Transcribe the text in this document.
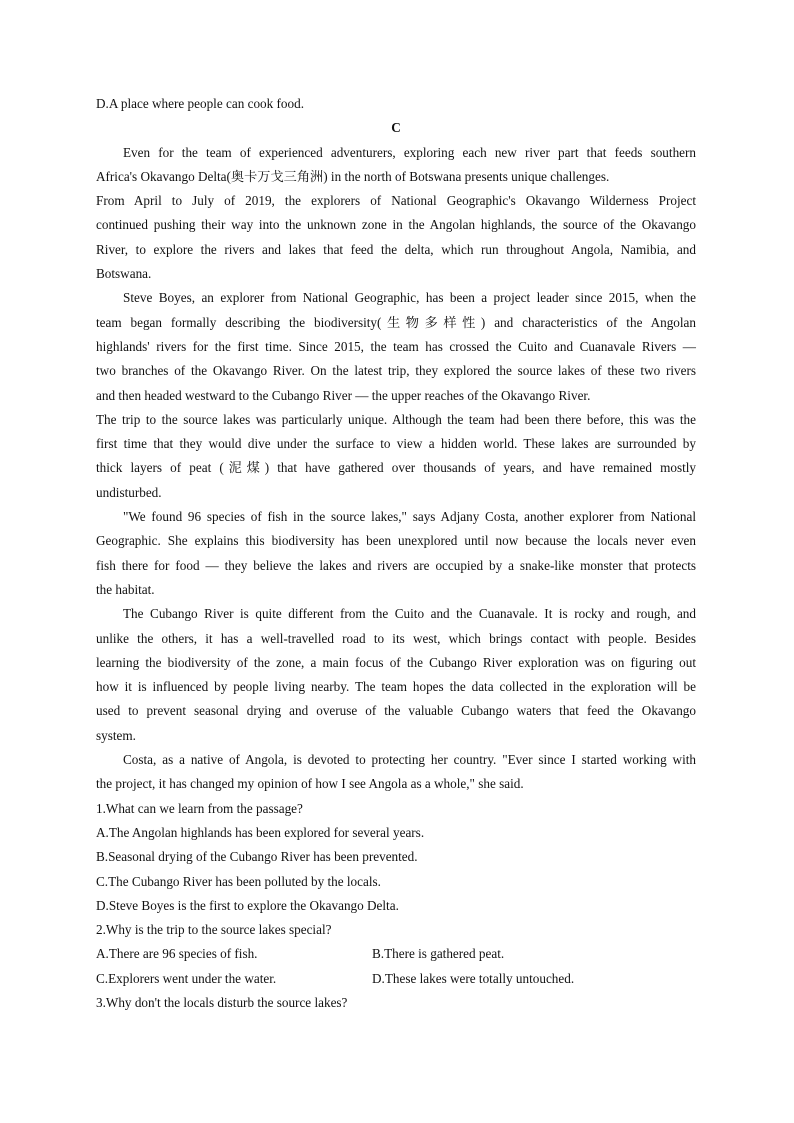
D.A place where people can cook food.
C
Even for the team of experienced adventurers, exploring each new river part that feeds southern
Africa's Okavango Delta(奥卡万戈三角洲) in the north of Botswana presents unique challenges.
From April to July of 2019, the explorers of National Geographic's Okavango Wilderness Project
continued pushing their way into the unknown zone in the Angolan highlands, the source of the Okavango
River, to explore the rivers and lakes that feed the delta, which run throughout Angola, Namibia, and
Botswana.
Steve Boyes, an explorer from National Geographic, has been a project leader since 2015, when the
team began formally describing the biodiversity(生物多样性) and characteristics of the Angolan
highlands' rivers for the first time. Since 2015, the team has crossed the Cuito and Cuanavale Rivers —
two branches of the Okavango River. On the latest trip, they explored the source lakes of these two rivers
and then headed westward to the Cubango River — the upper reaches of the Okavango River.
The trip to the source lakes was particularly unique. Although the team had been there before, this was the
first time that they would dive under the surface to view a hidden world. These lakes are surrounded by
thick layers of peat (泥煤) that have gathered over thousands of years, and have remained mostly
undisturbed.
"We found 96 species of fish in the source lakes," says Adjany Costa, another explorer from National
Geographic. She explains this biodiversity has been unexplored until now because the locals never even
fish there for food — they believe the lakes and rivers are occupied by a snake-like monster that protects
the habitat.
The Cubango River is quite different from the Cuito and the Cuanavale. It is rocky and rough, and
unlike the others, it has a well-travelled road to its west, which brings contact with people. Besides
learning the biodiversity of the zone, a main focus of the Cubango River exploration was on figuring out
how it is influenced by people living nearby. The team hopes the data collected in the exploration will be
used to prevent seasonal drying and overuse of the valuable Cubango waters that feed the Okavango
system.
Costa, as a native of Angola, is devoted to protecting her country. "Ever since I started working with
the project, it has changed my opinion of how I see Angola as a whole," she said.
1.What can we learn from the passage?
A.The Angolan highlands has been explored for several years.
B.Seasonal drying of the Cubango River has been prevented.
C.The Cubango River has been polluted by the locals.
D.Steve Boyes is the first to explore the Okavango Delta.
2.Why is the trip to the source lakes special?
A.There are 96 species of fish.	B.There is gathered peat.
C.Explorers went under the water.	D.These lakes were totally untouched.
3.Why don't the locals disturb the source lakes?
